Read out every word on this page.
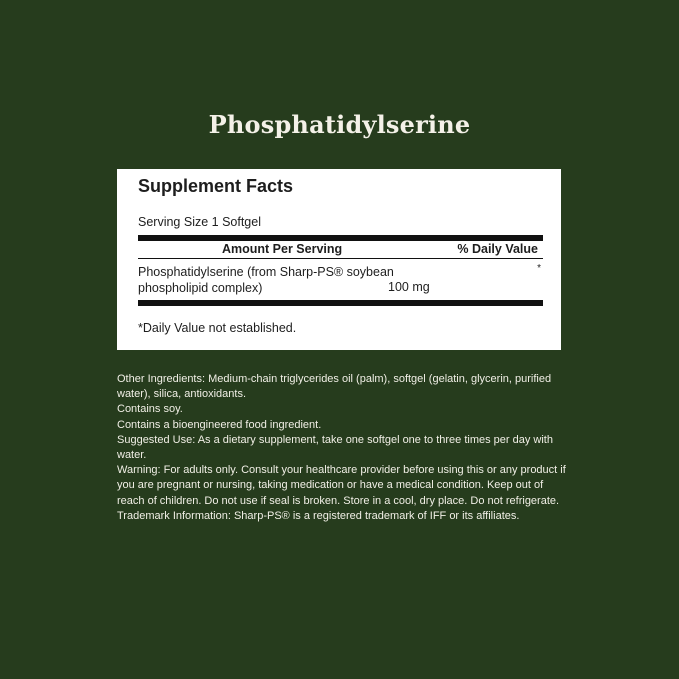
Phosphatidylserine
Supplement Facts
Serving Size 1 Softgel
Amount Per Serving	% Daily Value
Phosphatidylserine (from Sharp-PS® soybean phospholipid complex)	100 mg
*
*Daily Value not established.

Other Ingredients: Medium-chain triglycerides oil (palm), softgel (gelatin, glycerin, purified water), silica, antioxidants.

Contains soy.

Contains a bioengineered food ingredient.

Suggested Use: As a dietary supplement, take one softgel one to three times per day with water.

Warning: For adults only. Consult your healthcare provider before using this or any product if you are pregnant or nursing, taking medication or have a medical condition. Keep out of reach of children. Do not use if seal is broken. Store in a cool, dry place. Do not refrigerate.

Trademark Information: Sharp-PS® is a registered trademark of IFF or its affiliates.
